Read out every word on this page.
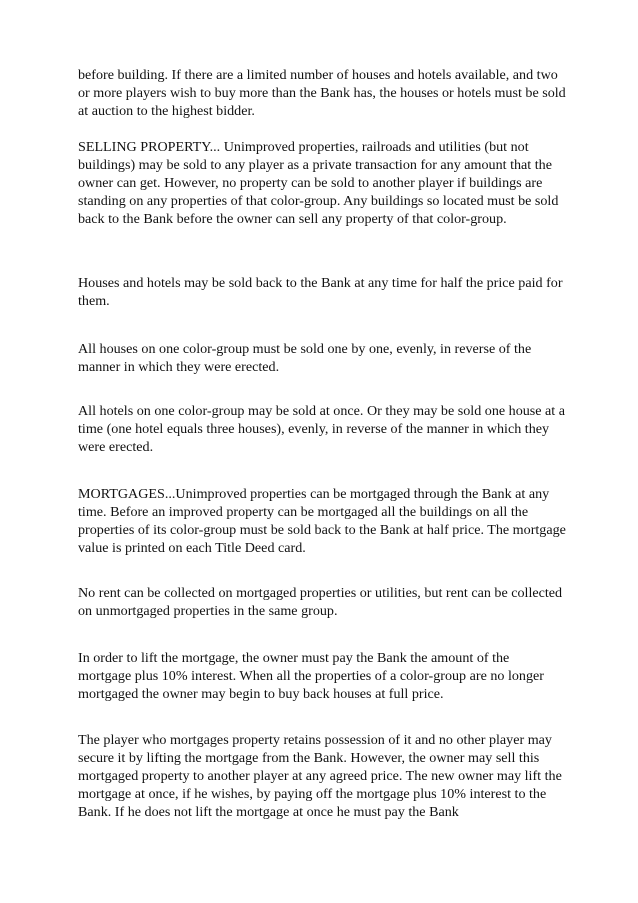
before building. If there are a limited number of houses and hotels available, and two or more players wish to buy more than the Bank has, the houses or hotels must be sold at auction to the highest bidder.

SELLING PROPERTY... Unimproved properties, railroads and utilities (but not buildings) may be sold to any player as a private transaction for any amount that the owner can get. However, no property can be sold to another player if buildings are standing on any properties of that color-group. Any buildings so located must be sold back to the Bank before the owner can sell any property of that color-group.

Houses and hotels may be sold back to the Bank at any time for half the price paid for them.

All houses on one color-group must be sold one by one, evenly, in reverse of the manner in which they were erected.

All hotels on one color-group may be sold at once. Or they may be sold one house at a time (one hotel equals three houses), evenly, in reverse of the manner in which they were erected.

MORTGAGES...Unimproved properties can be mortgaged through the Bank at any time. Before an improved property can be mortgaged all the buildings on all the properties of its color-group must be sold back to the Bank at half price. The mortgage value is printed on each Title Deed card.

No rent can be collected on mortgaged properties or utilities, but rent can be collected on unmortgaged properties in the same group.

In order to lift the mortgage, the owner must pay the Bank the amount of the mortgage plus 10% interest. When all the properties of a color-group are no longer mortgaged the owner may begin to buy back houses at full price.

The player who mortgages property retains possession of it and no other player may secure it by lifting the mortgage from the Bank. However, the owner may sell this mortgaged property to another player at any agreed price. The new owner may lift the mortgage at once, if he wishes, by paying off the mortgage plus 10% interest to the Bank. If he does not lift the mortgage at once he must pay the Bank
